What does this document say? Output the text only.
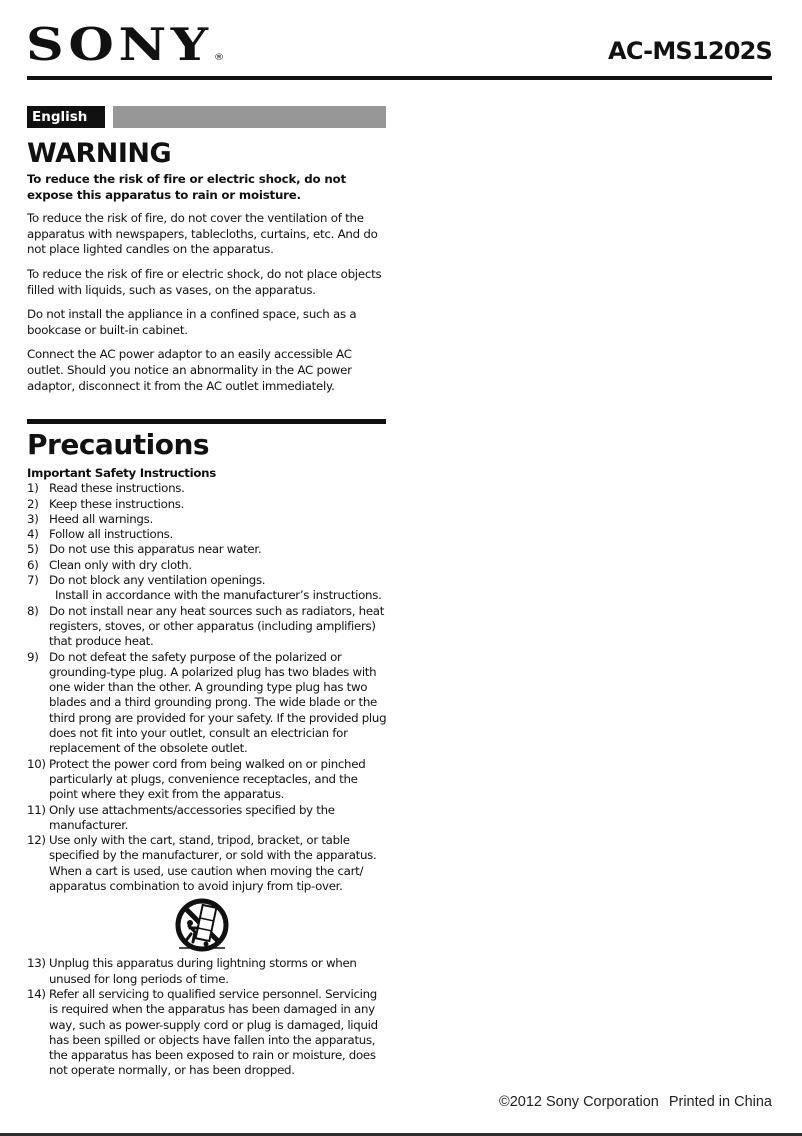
SONY®	AC-MS1202S
English
WARNING

To reduce the risk of fire or electric shock, do not expose this apparatus to rain or moisture.

To reduce the risk of fire, do not cover the ventilation of the apparatus with newspapers, tablecloths, curtains, etc. And do not place lighted candles on the apparatus.

To reduce the risk of fire or electric shock, do not place objects filled with liquids, such as vases, on the apparatus.

Do not install the appliance in a confined space, such as a bookcase or built-in cabinet.

Connect the AC power adaptor to an easily accessible AC outlet. Should you notice an abnormality in the AC power adaptor, disconnect it from the AC outlet immediately.

Precautions
Important Safety Instructions
1) Read these instructions.
2) Keep these instructions.
3) Heed all warnings.
4) Follow all instructions.
5) Do not use this apparatus near water.
6) Clean only with dry cloth.
7) Do not block any ventilation openings.
Install in accordance with the manufacturer’s instructions.
8) Do not install near any heat sources such as radiators, heat registers, stoves, or other apparatus (including amplifiers) that produce heat.
9) Do not defeat the safety purpose of the polarized or grounding-type plug. A polarized plug has two blades with one wider than the other. A grounding type plug has two blades and a third grounding prong. The wide blade or the third prong are provided for your safety. If the provided plug does not fit into your outlet, consult an electrician for replacement of the obsolete outlet.
10) Protect the power cord from being walked on or pinched particularly at plugs, convenience receptacles, and the point where they exit from the apparatus.
11) Only use attachments/accessories specified by the manufacturer.
12) Use only with the cart, stand, tripod, bracket, or table specified by the manufacturer, or sold with the apparatus. When a cart is used, use caution when moving the cart/ apparatus combination to avoid injury from tip-over.
13) Unplug this apparatus during lightning storms or when unused for long periods of time.
14) Refer all servicing to qualified service personnel. Servicing is required when the apparatus has been damaged in any way, such as power-supply cord or plug is damaged, liquid has been spilled or objects have fallen into the apparatus, the apparatus has been exposed to rain or moisture, does not operate normally, or has been dropped.
©2012 Sony Corporation Printed in China
